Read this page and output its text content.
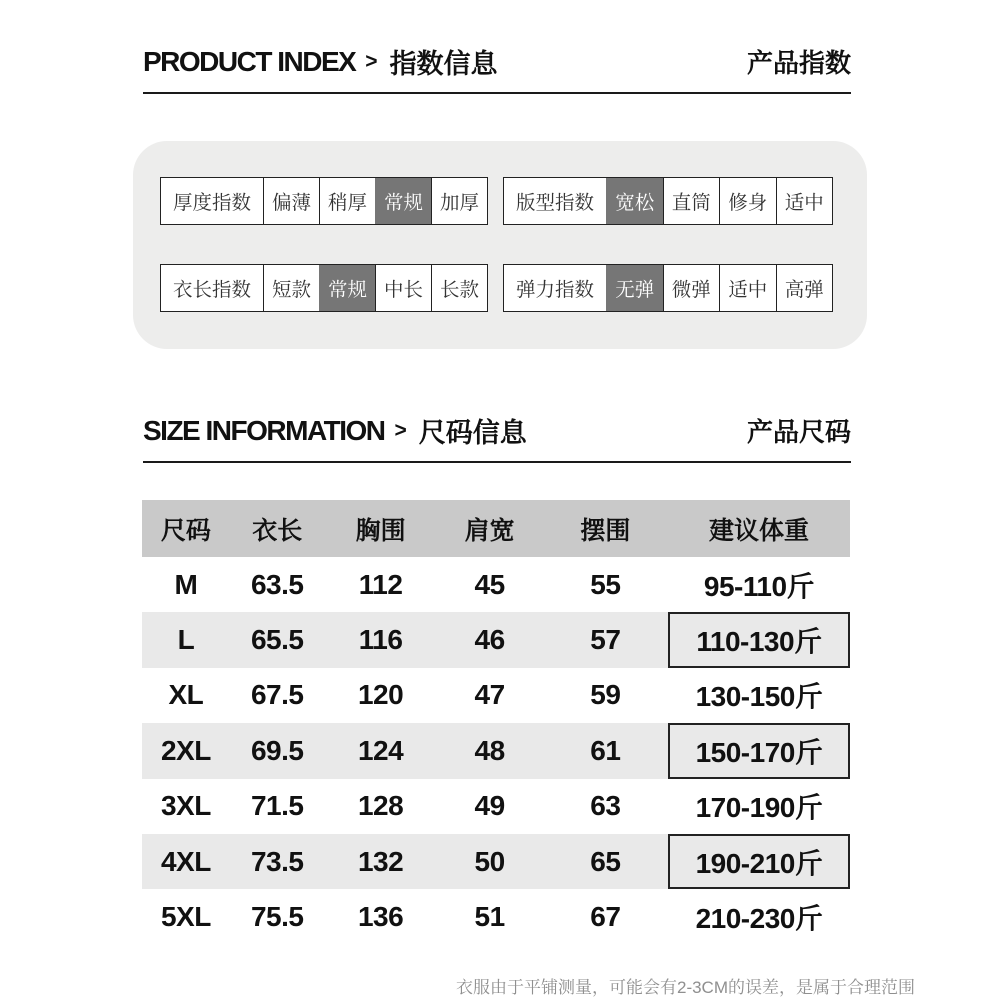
PRODUCT INDEX > 指数信息	产品指数
厚度指数	偏薄 稍厚 常规 加厚	版型指数	宽松 直筒 修身 适中
衣长指数	短款 常规 中长 长款	弹力指数	无弹 微弹 适中 高弹
SIZE INFORMATION > 尺码信息	产品尺码
尺码	衣长	胸围	肩宽	摆围	建议体重
M	63.5	112	45	55	95-110斤
L	65.5	116	46	57	110-130斤
XL	67.5	120	47	59	130-150斤
2XL	69.5	124	48	61	150-170斤
3XL	71.5	128	49	63	170-190斤
4XL	73.5	132	50	65	190-210斤
5XL	75.5	136	51	67	210-230斤
衣服由于平铺测量，可能会有2-3CM的误差，是属于合理范围
